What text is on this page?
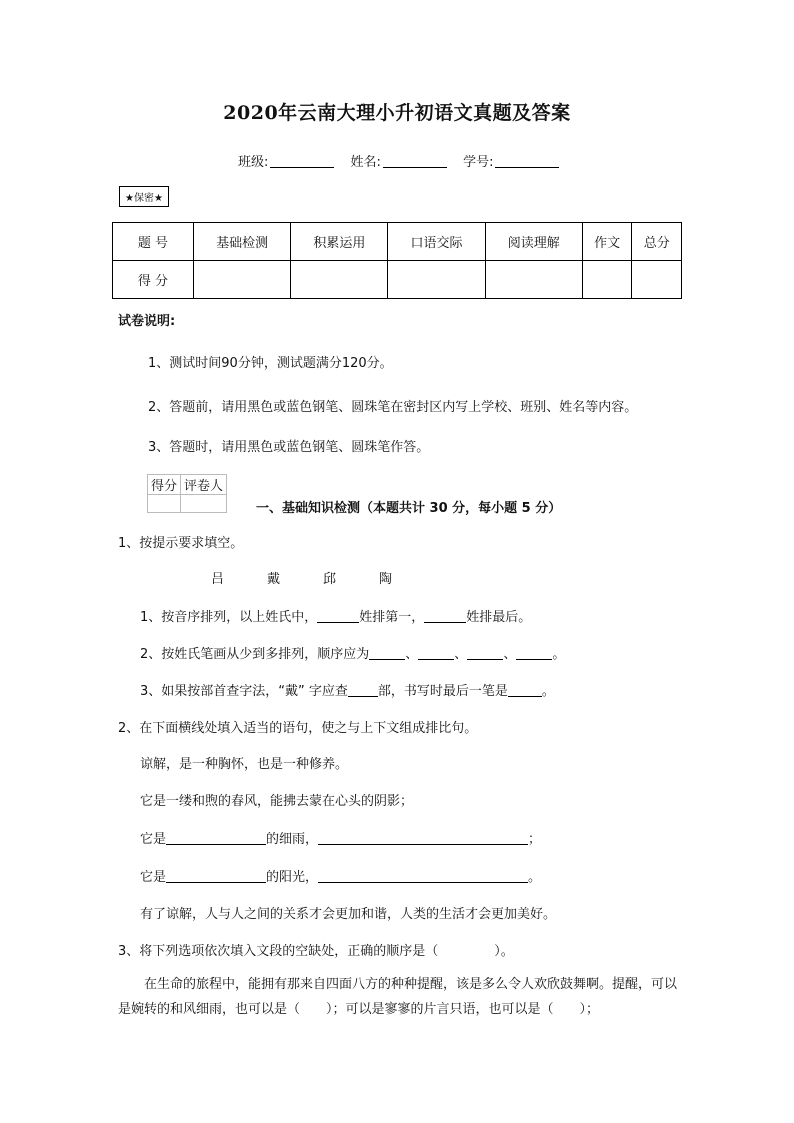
2020年云南大理小升初语文真题及答案
班级:	姓名:	学号:
★保密★
题 号	基础检测	积累运用	口语交际	阅读理解	作文	总分
得 分						
试卷说明:
1、测试时间90分钟，测试题满分120分。
2、答题前，请用黑色或蓝色钢笔、圆珠笔在密封区内写上学校、班别、姓名等内容。
3、答题时，请用黑色或蓝色钢笔、圆珠笔作答。
得分	评卷人

一、基础知识检测（本题共计 30 分，每小题 5 分）
1、按提示要求填空。
吕	戴	邱	陶
1、按音序排列，以上姓氏中，	姓排第一，	姓排最后。
2、按姓氏笔画从少到多排列，顺序应为	、	、	、	。
3、如果按部首查字法，“戴” 字应查 部，书写时最后一笔是	。
2、在下面横线处填入适当的语句，使之与上下文组成排比句。
谅解，是一种胸怀，也是一种修养。
它是一缕和煦的春风，能拂去蒙在心头的阴影；
它是	的细雨，	；
它是	的阳光，	。
有了谅解，人与人之间的关系才会更加和谐，人类的生活才会更加美好。
3、将下列选项依次填入文段的空缺处，正确的顺序是（	）。
在生命的旅程中，能拥有那来自四面八方的种种提醒，该是多么令人欢欣鼓舞啊。提醒，可以是婉转的和风细雨，也可以是（　　）；可以是寥寥的片言只语，也可以是（　　）；
